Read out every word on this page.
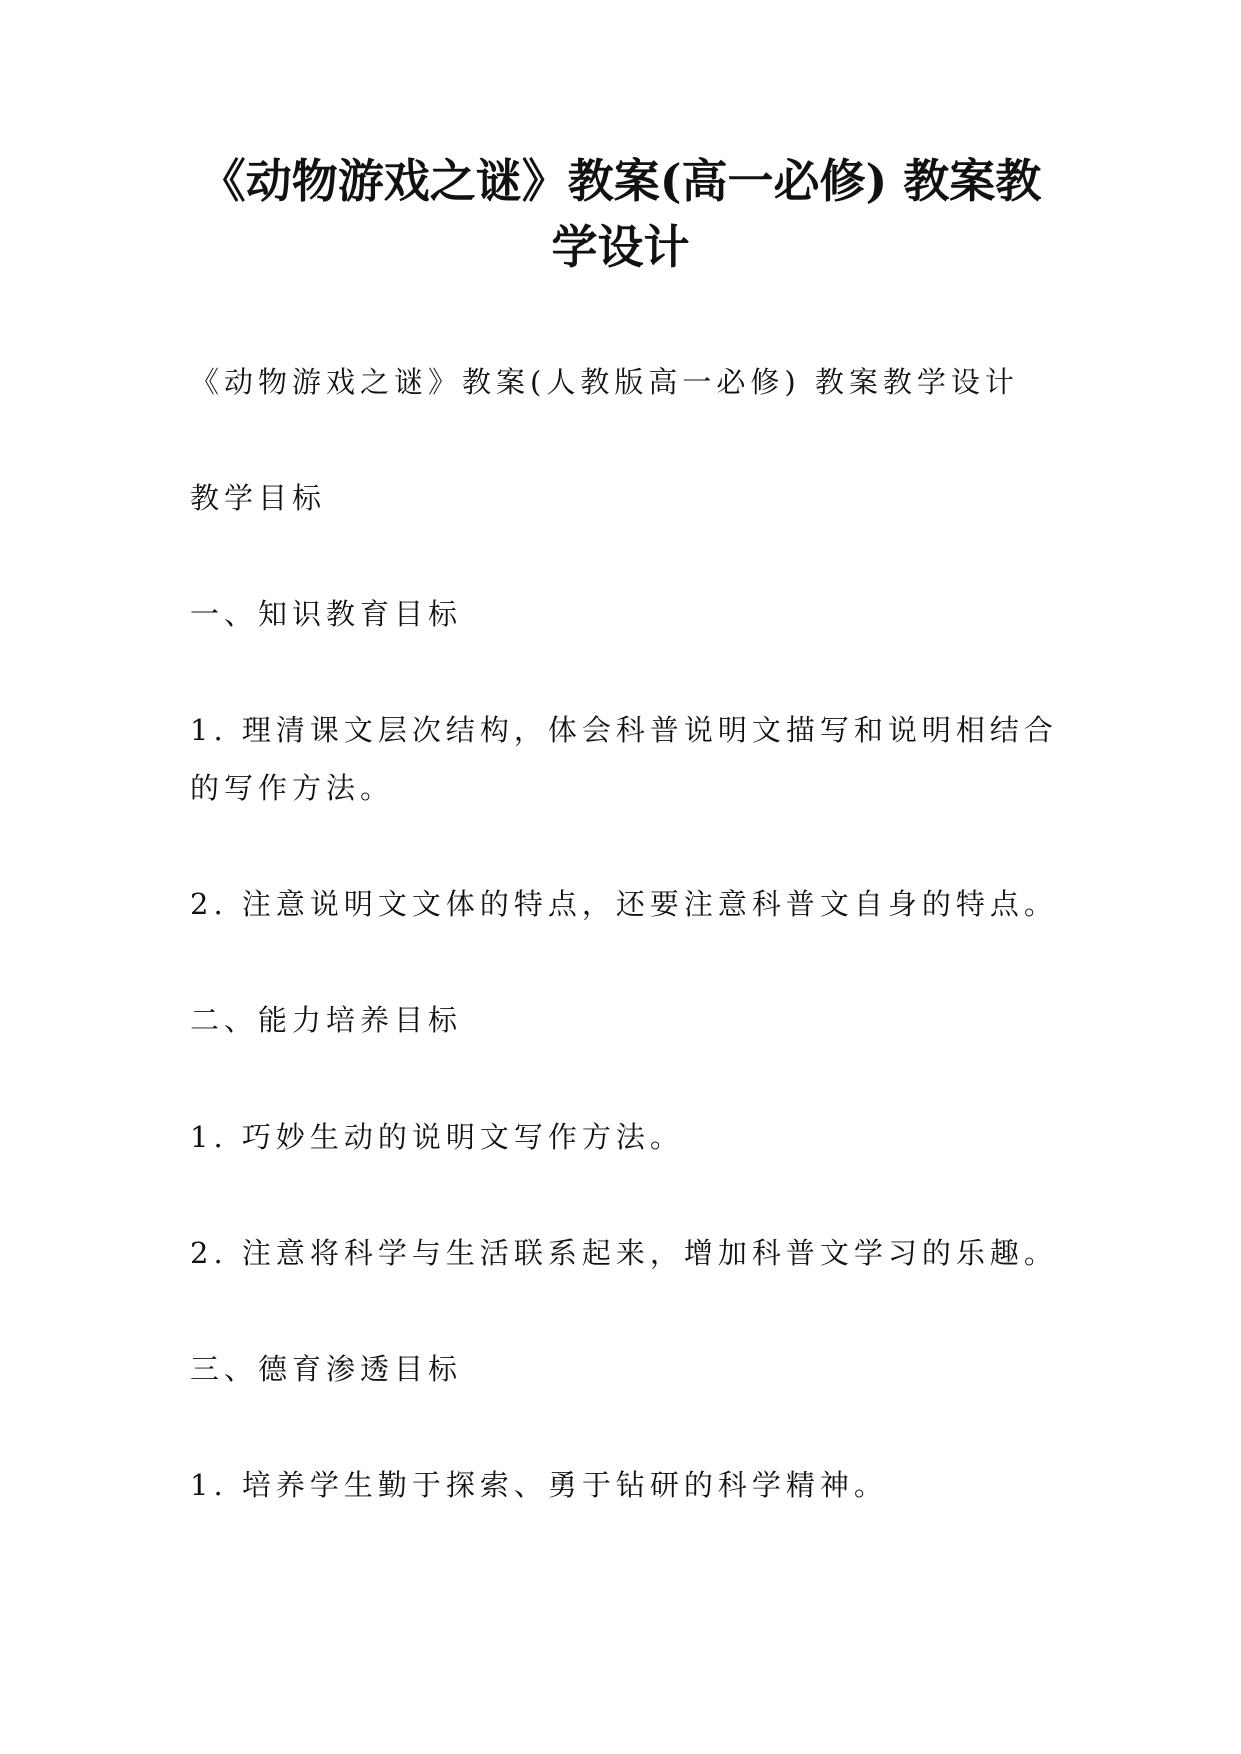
《动物游戏之谜》教案(高一必修) 教案教学设计

《动物游戏之谜》教案(人教版高一必修) 教案教学设计

教学目标

一、知识教育目标

1. 理清课文层次结构，体会科普说明文描写和说明相结合的写作方法。

2. 注意说明文文体的特点，还要注意科普文自身的特点。

二、能力培养目标

1. 巧妙生动的说明文写作方法。

2. 注意将科学与生活联系起来，增加科普文学习的乐趣。

三、德育渗透目标

1. 培养学生勤于探索、勇于钻研的科学精神。
